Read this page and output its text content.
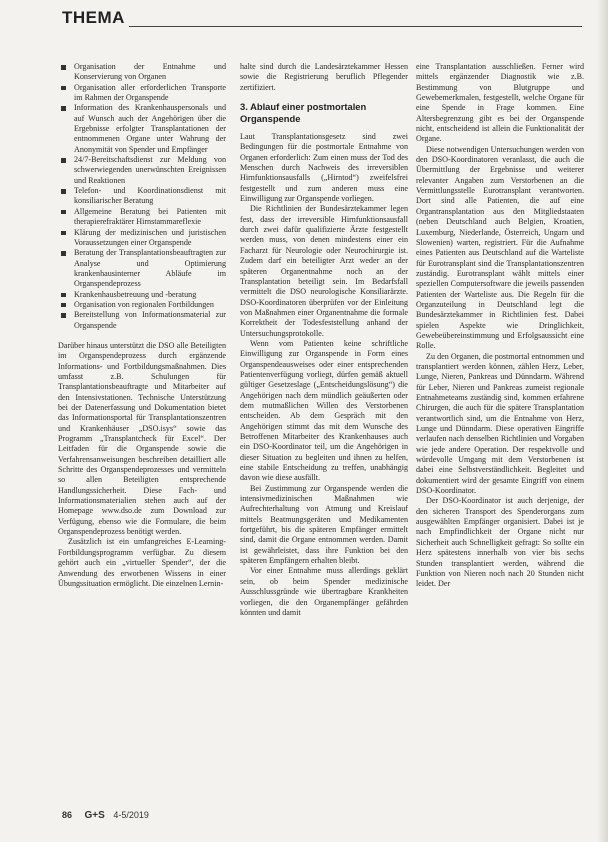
THEMA
Organisation der Entnahme und Konservierung von Organen
Organisation aller erforderlichen Transporte im Rahmen der Organspende
Information des Krankenhauspersonals und auf Wunsch auch der Angehörigen über die Ergebnisse erfolgter Transplantationen der entnommenen Organe unter Wahrung der Anonymität von Spender und Empfänger
24/7-Bereitschaftsdienst zur Meldung von schwerwiegenden unerwünschten Ereignissen und Reaktionen
Telefon- und Koordinationsdienst mit konsiliarischer Beratung
Allgemeine Beratung bei Patienten mit therapierefraktärer Hirnstammareflexie
Klärung der medizinischen und juristischen Voraussetzungen einer Organspende
Beratung der Transplantationsbeauftragten zur Analyse und Optimierung krankenhausinterner Abläufe im Organspendeprozess
Krankenhausbetreuung und -beratung
Organisation von regionalen Fortbildungen
Bereitstellung von Informationsmaterial zur Organspende

Darüber hinaus unterstützt die DSO alle Beteiligten im Organspendeprozess durch ergänzende Informations- und Fortbildungsmaßnahmen. Dies umfasst z.B. Schulungen für Transplantationsbeauftragte und Mitarbeiter auf den Intensivstationen. Technische Unterstützung bei der Datenerfassung und Dokumentation bietet das Informationsportal für Transplantationszentren und Krankenhäuser „DSO.isys“ sowie das Programm „Transplantcheck für Excel“. Der Leitfaden für die Organspende sowie die Verfahrensanweisungen beschreiben detailliert alle Schritte des Organspendeprozesses und vermitteln so allen Beteiligten entsprechende Handlungssicherheit. Diese Fach- und Informationsmaterialien stehen auch auf der Homepage www.dso.de zum Download zur Verfügung, ebenso wie die Formulare, die beim Organspendeprozess benötigt werden.

Zusätzlich ist ein umfangreiches E-Learning-Fortbildungsprogramm verfügbar. Zu diesem gehört auch ein „virtueller Spender“, der die Anwendung des erworbenen Wissens in einer Übungssituation ermöglicht. Die einzelnen Lernin-

halte sind durch die Landesärztekammer Hessen sowie die Registrierung beruflich Pflegender zertifiziert.

3. Ablauf einer postmortalen Organspende

Laut Transplantationsgesetz sind zwei Bedingungen für die postmortale Entnahme von Organen erforderlich: Zum einen muss der Tod des Menschen durch Nachweis des irreversiblen Hirnfunktionsausfalls („Hirntod“) zweifelsfrei festgestellt und zum anderen muss eine Einwilligung zur Organspende vorliegen.

Die Richtlinien der Bundesärztekammer legen fest, dass der irreversible Hirnfunktionsausfall durch zwei dafür qualifizierte Ärzte festgestellt werden muss, von denen mindestens einer ein Facharzt für Neurologie oder Neurochirurgie ist. Zudem darf ein beteiligter Arzt weder an der späteren Organentnahme noch an der Transplantation beteiligt sein. Im Bedarfsfall vermittelt die DSO neurologische Konsiliarärzte. DSO-Koordinatoren überprüfen vor der Einleitung von Maßnahmen einer Organentnahme die formale Korrektheit der Todesfeststellung anhand der Untersuchungsprotokolle.

Wenn vom Patienten keine schriftliche Einwilligung zur Organspende in Form eines Organspendeausweises oder einer entsprechenden Patientenverfügung vorliegt, dürfen gemäß aktuell gültiger Gesetzeslage („Entscheidungslösung“) die Angehörigen nach dem mündlich geäußerten oder dem mutmaßlichen Willen des Verstorbenen entscheiden. Ab dem Gespräch mit den Angehörigen stimmt das mit dem Wunsche des Betroffenen Mitarbeiter des Krankenhauses auch ein DSO-Koordinator teil, um die Angehörigen in dieser Situation zu begleiten und ihnen zu helfen, eine stabile Entscheidung zu treffen, unabhängig davon wie diese ausfällt.

Bei Zustimmung zur Organspende werden die intensivmedizinischen Maßnahmen wie Aufrechterhaltung von Atmung und Kreislauf mittels Beatmungsgeräten und Medikamenten fortgeführt, bis die späteren Empfänger ermittelt sind, damit die Organe entnommen werden. Damit ist gewährleistet, dass ihre Funktion bei den späteren Empfängern erhalten bleibt.

Vor einer Entnahme muss allerdings geklärt sein, ob beim Spender medizinische Ausschlussgründe wie übertragbare Krankheiten vorliegen, die den Organempfänger gefährden könnten und damit

eine Transplantation ausschließen. Ferner wird mittels ergänzender Diagnostik wie z.B. Bestimmung von Blutgruppe und Gewebemerkmalen, festgestellt, welche Organe für eine Spende in Frage kommen. Eine Altersbegrenzung gibt es bei der Organspende nicht, entscheidend ist allein die Funktionalität der Organe.

Diese notwendigen Untersuchungen werden von den DSO-Koordinatoren veranlasst, die auch die Übermittlung der Ergebnisse und weiterer relevanter Angaben zum Verstorbenen an die Vermittlungsstelle Eurotransplant verantworten. Dort sind alle Patienten, die auf eine Organtransplantation aus den Mitgliedstaaten (neben Deutschland auch Belgien, Kroatien, Luxemburg, Niederlande, Österreich, Ungarn und Slowenien) warten, registriert. Für die Aufnahme eines Patienten aus Deutschland auf die Warteliste für Eurotransplant sind die Transplantationszentren zuständig. Eurotransplant wählt mittels einer speziellen Computersoftware die jeweils passenden Patienten der Warteliste aus. Die Regeln für die Organzuteilung in Deutschland legt die Bundesärztekammer in Richtlinien fest. Dabei spielen Aspekte wie Dringlichkeit, Gewebeübereinstimmung und Erfolgsaussicht eine Rolle.

Zu den Organen, die postmortal entnommen und transplantiert werden können, zählen Herz, Leber, Lunge, Nieren, Pankreas und Dünndarm. Während für Leber, Nieren und Pankreas zumeist regionale Entnahmeteams zuständig sind, kommen erfahrene Chirurgen, die auch für die spätere Transplantation verantwortlich sind, um die Entnahme von Herz, Lunge und Dünndarm. Diese operativen Eingriffe verlaufen nach denselben Richtlinien und Vorgaben wie jede andere Operation. Der respektvolle und würdevolle Umgang mit dem Verstorbenen ist dabei eine Selbstverständlichkeit. Begleitet und dokumentiert wird der gesamte Eingriff von einem DSO-Koordinator.

Der DSO-Koordinator ist auch derjenige, der den sicheren Transport des Spenderorgans zum ausgewählten Empfänger organisiert. Dabei ist je nach Empfindlichkeit der Organe nicht nur Sicherheit auch Schnelligkeit gefragt: So sollte ein Herz spätestens innerhalb von vier bis sechs Stunden transplantiert werden, während die Funktion von Nieren noch nach 20 Stunden nicht leidet. Der

86 G+S 4-5/2019
